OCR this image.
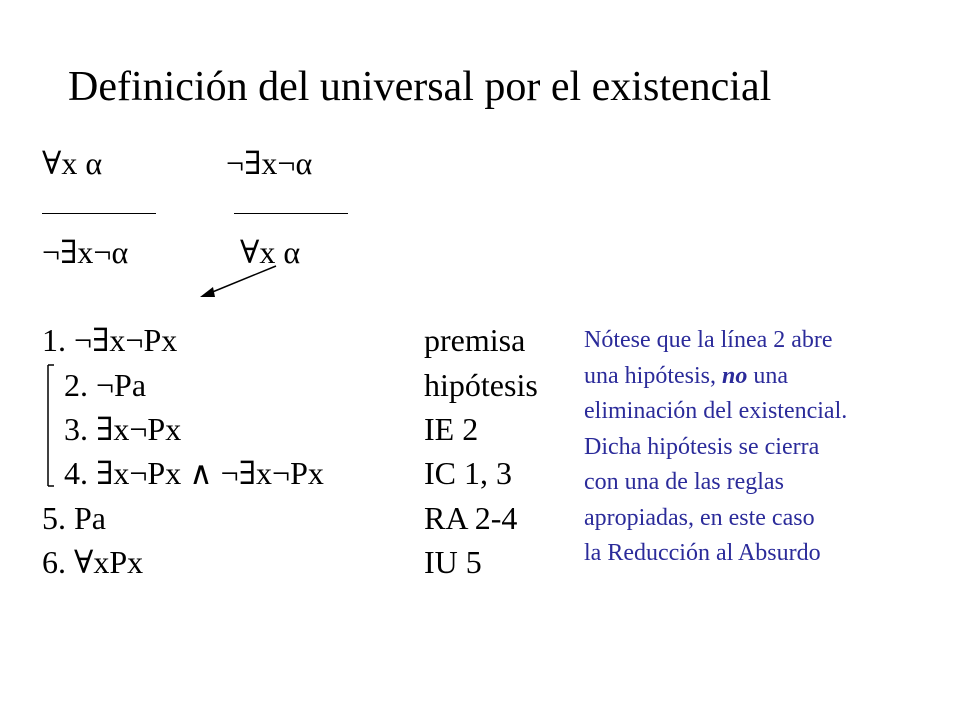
Definición del universal por el existencial
∀x α	¬∃x¬α
¬∃x¬α	∀x α
1. ¬∃x¬Px
2. ¬Pa
3. ∃x¬Px
4. ∃x¬Px ∧ ¬∃x¬Px
5. Pa
6. ∀xPx
premisa
hipótesis
IE 2
IC 1, 3
RA 2-4
IU 5
Nótese que la línea 2 abre
una hipótesis, no una
eliminación del existencial.
Dicha hipótesis se cierra
con una de las reglas
apropiadas, en este caso
la Reducción al Absurdo
